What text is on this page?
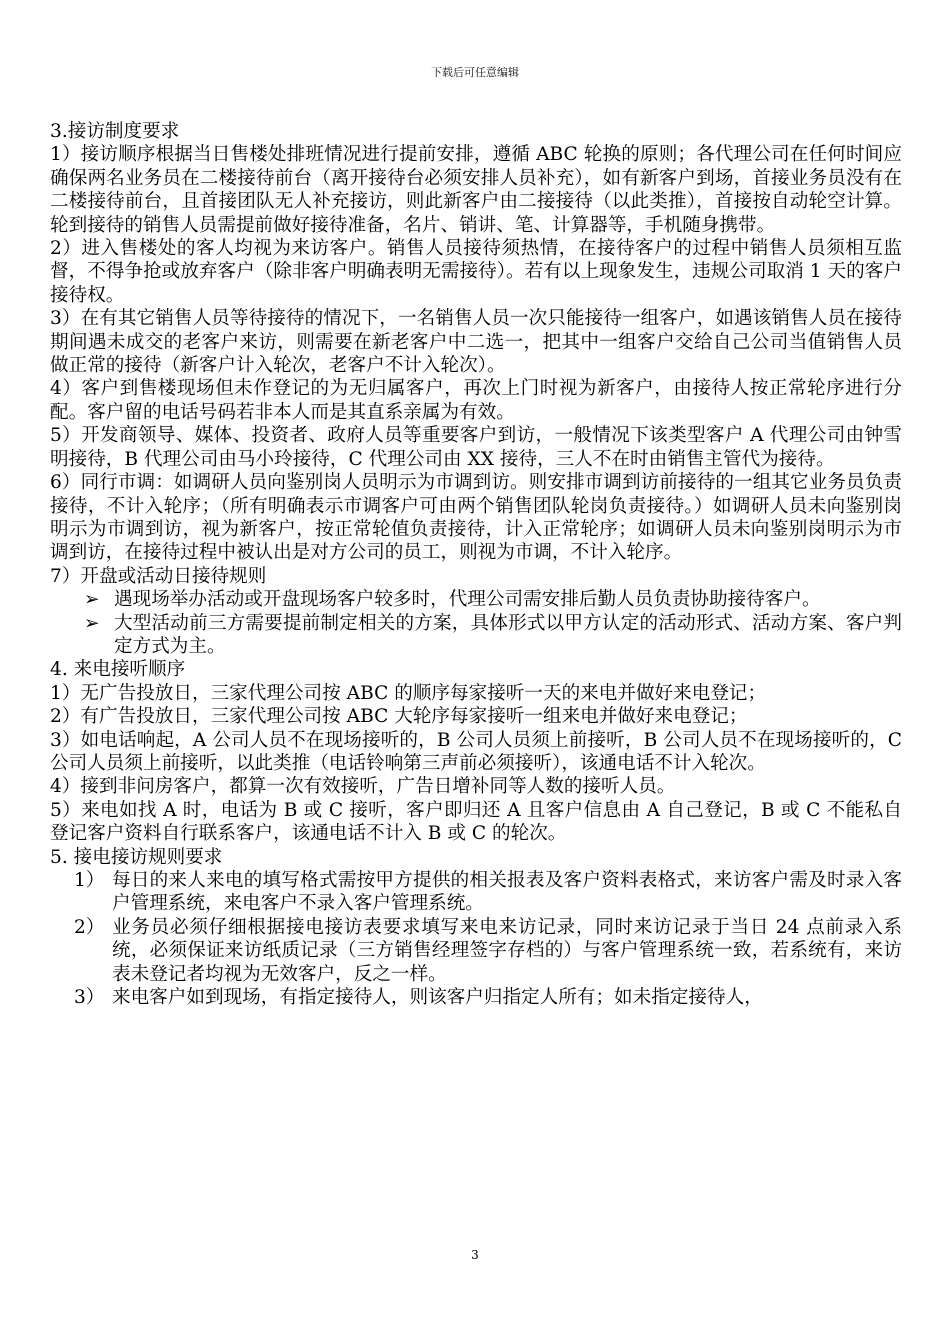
下载后可任意编辑

3.接访制度要求

1）接访顺序根据当日售楼处排班情况进行提前安排，遵循 ABC 轮换的原则；各代理公司在任何时间应确保两名业务员在二楼接待前台（离开接待台必须安排人员补充），如有新客户到场，首接业务员没有在二楼接待前台，且首接团队无人补充接访，则此新客户由二接接待（以此类推），首接按自动轮空计算。轮到接待的销售人员需提前做好接待准备，名片、销讲、笔、计算器等，手机随身携带。

2）进入售楼处的客人均视为来访客户。销售人员接待须热情，在接待客户的过程中销售人员须相互监督，不得争抢或放弃客户（除非客户明确表明无需接待）。若有以上现象发生，违规公司取消 1 天的客户接待权。

3）在有其它销售人员等待接待的情况下，一名销售人员一次只能接待一组客户，如遇该销售人员在接待期间遇未成交的老客户来访，则需要在新老客户中二选一，把其中一组客户交给自己公司当值销售人员做正常的接待（新客户计入轮次，老客户不计入轮次）。

4）客户到售楼现场但未作登记的为无归属客户，再次上门时视为新客户，由接待人按正常轮序进行分配。客户留的电话号码若非本人而是其直系亲属为有效。

5）开发商领导、媒体、投资者、政府人员等重要客户到访，一般情况下该类型客户 A 代理公司由钟雪明接待，B 代理公司由马小玲接待，C 代理公司由 XX 接待，三人不在时由销售主管代为接待。

6）同行市调：如调研人员向鉴别岗人员明示为市调到访。则安排市调到访前接待的一组其它业务员负责接待，不计入轮序；（所有明确表示市调客户可由两个销售团队轮岗负责接待。）如调研人员未向鉴别岗明示为市调到访，视为新客户，按正常轮值负责接待，计入正常轮序；如调研人员未向鉴别岗明示为市调到访，在接待过程中被认出是对方公司的员工，则视为市调，不计入轮序。

7）开盘或活动日接待规则

➢ 遇现场举办活动或开盘现场客户较多时，代理公司需安排后勤人员负责协助接待客户。
➢ 大型活动前三方需要提前制定相关的方案，具体形式以甲方认定的活动形式、活动方案、客户判定方式为主。

4. 来电接听顺序

1）无广告投放日，三家代理公司按 ABC 的顺序每家接听一天的来电并做好来电登记；

2）有广告投放日，三家代理公司按 ABC 大轮序每家接听一组来电并做好来电登记；

3）如电话响起，A 公司人员不在现场接听的，B 公司人员须上前接听，B 公司人员不在现场接听的，C 公司人员须上前接听，以此类推（电话铃响第三声前必须接听），该通电话不计入轮次。

4）接到非问房客户，都算一次有效接听，广告日增补同等人数的接听人员。

5）来电如找 A 时，电话为 B 或 C 接听，客户即归还 A 且客户信息由 A 自己登记，B 或 C 不能私自登记客户资料自行联系客户，该通电话不计入 B 或 C 的轮次。

5. 接电接访规则要求

1） 每日的来人来电的填写格式需按甲方提供的相关报表及客户资料表格式，来访客户需及时录入客户管理系统，来电客户不录入客户管理系统。
2） 业务员必须仔细根据接电接访表要求填写来电来访记录，同时来访记录于当日 24 点前录入系统，必须保证来访纸质记录（三方销售经理签字存档的）与客户管理系统一致，若系统有，来访表未登记者均视为无效客户，反之一样。
3） 来电客户如到现场，有指定接待人，则该客户归指定人所有；如未指定接待人，
3
